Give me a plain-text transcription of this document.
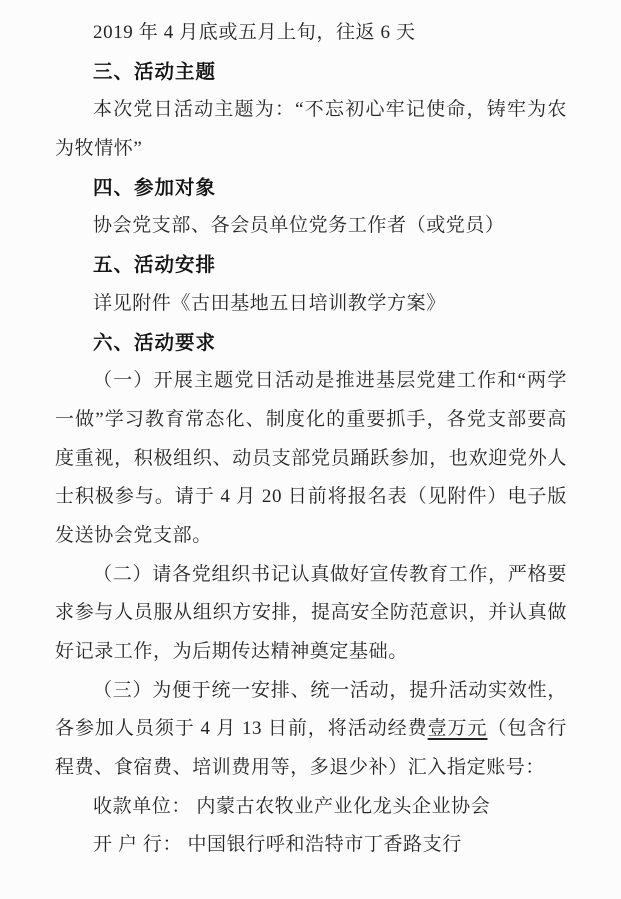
2019 年 4 月底或五月上旬，往返 6 天
三、活动主题
本次党日活动主题为：“不忘初心牢记使命，铸牢为农
为牧情怀”
四、参加对象
协会党支部、各会员单位党务工作者（或党员）
五、活动安排
详见附件《古田基地五日培训教学方案》
六、活动要求
（一）开展主题党日活动是推进基层党建工作和“两学
一做”学习教育常态化、制度化的重要抓手，各党支部要高
度重视，积极组织、动员支部党员踊跃参加，也欢迎党外人
士积极参与。请于 4 月 20 日前将报名表（见附件）电子版
发送协会党支部。
（二）请各党组织书记认真做好宣传教育工作，严格要
求参与人员服从组织方安排，提高安全防范意识，并认真做
好记录工作，为后期传达精神奠定基础。
（三）为便于统一安排、统一活动，提升活动实效性，
各参加人员须于 4 月 13 日前，将活动经费壹万元（包含行
程费、食宿费、培训费用等，多退少补）汇入指定账号：
收款单位： 内蒙古农牧业产业化龙头企业协会
开 户 行： 中国银行呼和浩特市丁香路支行
